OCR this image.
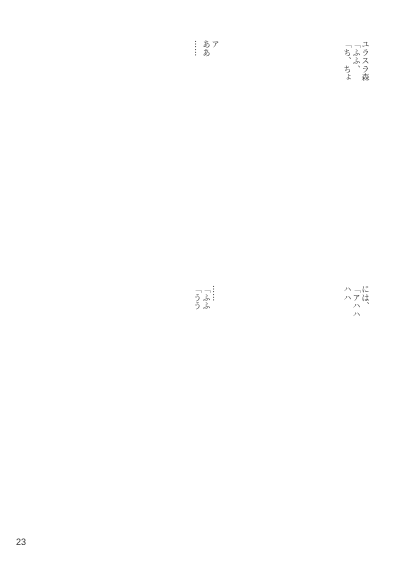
ユラスラ森

「ふふ、

「ち、ちょ

ア

ああ

……

には、

「アハハ

ハハ

……

「ふふ

「うう

23
